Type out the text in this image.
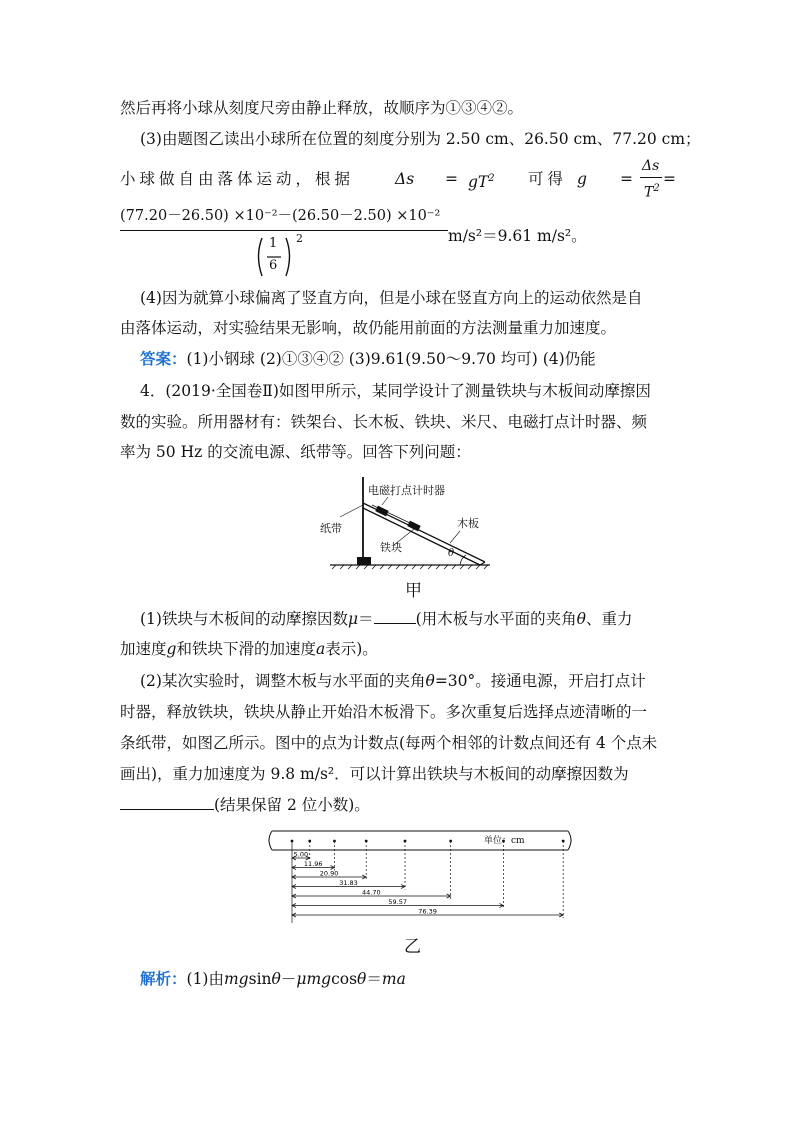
然后再将小球从刻度尺旁由静止释放，故顺序为①③④②。
(3)由题图乙读出小球所在位置的刻度分别为 2.50 cm、26.50 cm、77.20 cm；
小球做自由落体运动，根据	$\Delta s = gT^2$ 可得 g =
Δs
$T^2$
=
(77.20－26.50) ×10⁻²－(26.50－2.50) ×10⁻²
m/s²＝9.61 m/s²。
1
6
2
(4)因为就算小球偏离了竖直方向，但是小球在竖直方向上的运动依然是自
由落体运动，对实验结果无影响，故仍能用前面的方法测量重力加速度。
答案：(1)小钢球 (2)①③④② (3)9.61(9.50～9.70 均可) (4)仍能
4．(2019·全国卷Ⅱ)如图甲所示，某同学设计了测量铁块与木板间动摩擦因
数的实验。所用器材有：铁架台、长木板、铁块、米尺、电磁打点计时器、频
率为 50 Hz 的交流电源、纸带等。回答下列问题：
电磁打点计时器
纸带	木板
铁块	θ
甲
(1)铁块与木板间的动摩擦因数μ＝	(用木板与水平面的夹角θ、重力
加速度g和铁块下滑的加速度a表示)。
(2)某次实验时，调整木板与水平面的夹角θ=30°。接通电源，开启打点计
时器，释放铁块，铁块从静止开始沿木板滑下。多次重复后选择点迹清晰的一
条纸带，如图乙所示。图中的点为计数点(每两个相邻的计数点间还有 4 个点未
画出)，重力加速度为 9.8 m/s²．可以计算出铁块与木板间的动摩擦因数为
(结果保留 2 位小数)。
5.00
11.96
20.90
31.83
44.70
59.57
76.39
单位：cm
乙
解析：(1)由mgsinθ－μmgcosθ＝ma
